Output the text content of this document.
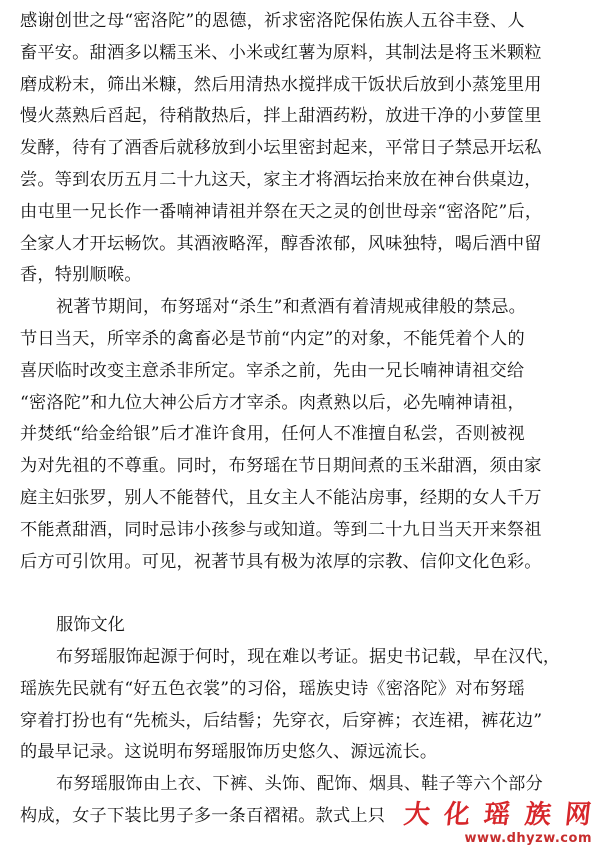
感谢创世之母“密洛陀”的恩德，祈求密洛陀保佑族人五谷丰登、人
畜平安。甜酒多以糯玉米、小米或红薯为原料，其制法是将玉米颗粒
磨成粉末，筛出米糠，然后用清热水搅拌成干饭状后放到小蒸笼里用
慢火蒸熟后舀起，待稍散热后，拌上甜酒药粉，放进干净的小萝筐里
发酵，待有了酒香后就移放到小坛里密封起来，平常日子禁忌开坛私
尝。等到农历五月二十九这天，家主才将酒坛抬来放在神台供桌边，
由屯里一兄长作一番喃神请祖并祭在天之灵的创世母亲“密洛陀”后，
全家人才开坛畅饮。其酒液略浑，醇香浓郁，风味独特，喝后酒中留
香，特别顺喉。
祝著节期间，布努瑶对“杀生”和煮酒有着清规戒律般的禁忌。
节日当天，所宰杀的禽畜必是节前“内定”的对象，不能凭着个人的
喜厌临时改变主意杀非所定。宰杀之前，先由一兄长喃神请祖交给
“密洛陀”和九位大神公后方才宰杀。肉煮熟以后，必先喃神请祖，
并焚纸“给金给银”后才准许食用，任何人不准擅自私尝，否则被视
为对先祖的不尊重。同时，布努瑶在节日期间煮的玉米甜酒，须由家
庭主妇张罗，别人不能替代，且女主人不能沾房事，经期的女人千万
不能煮甜酒，同时忌讳小孩参与或知道。等到二十九日当天开来祭祖
后方可引饮用。可见，祝著节具有极为浓厚的宗教、信仰文化色彩。
服饰文化
布努瑶服饰起源于何时，现在难以考证。据史书记载，早在汉代，
瑶族先民就有“好五色衣裳”的习俗，瑶族史诗《密洛陀》对布努瑶
穿着打扮也有“先梳头，后结髻；先穿衣，后穿裤；衣连裙，裤花边”
的最早记录。这说明布努瑶服饰历史悠久、源远流长。
布努瑶服饰由上衣、下裤、头饰、配饰、烟具、鞋子等六个部分
构成，女子下装比男子多一条百褶裙。款式上只 大 化 瑶 族 网
www.dhyzw.com
